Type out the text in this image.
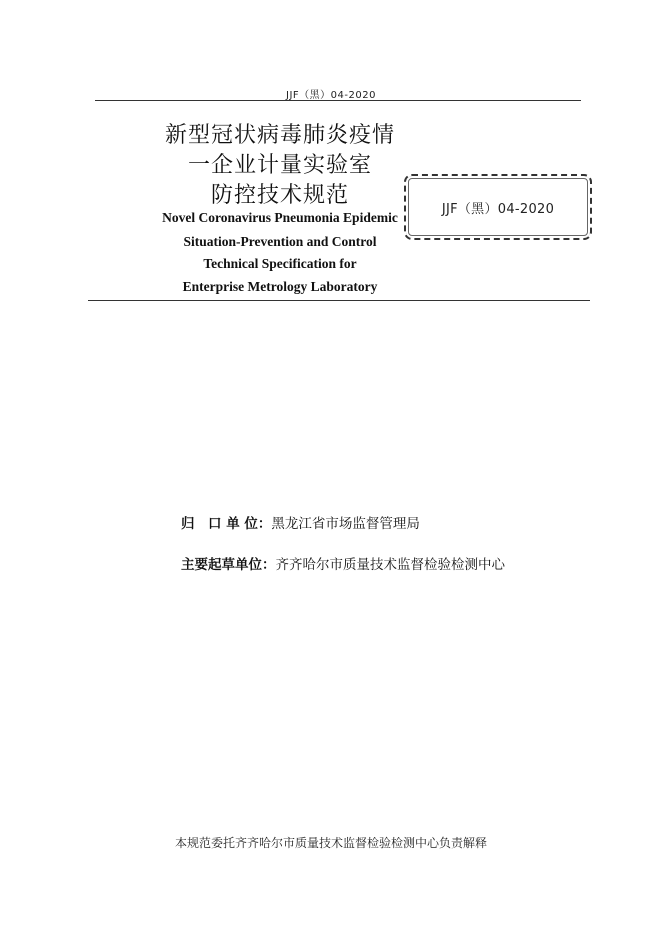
JJF（黑）04-2020
新型冠状病毒肺炎疫情
一企业计量实验室
防控技术规范
Novel Coronavirus Pneumonia Epidemic
Situation-Prevention and Control
Technical Specification for
Enterprise Metrology Laboratory
JJF（黑）04-2020
归　口 单 位：黑龙江省市场监督管理局
主要起草单位：齐齐哈尔市质量技术监督检验检测中心
本规范委托齐齐哈尔市质量技术监督检验检测中心负责解释
